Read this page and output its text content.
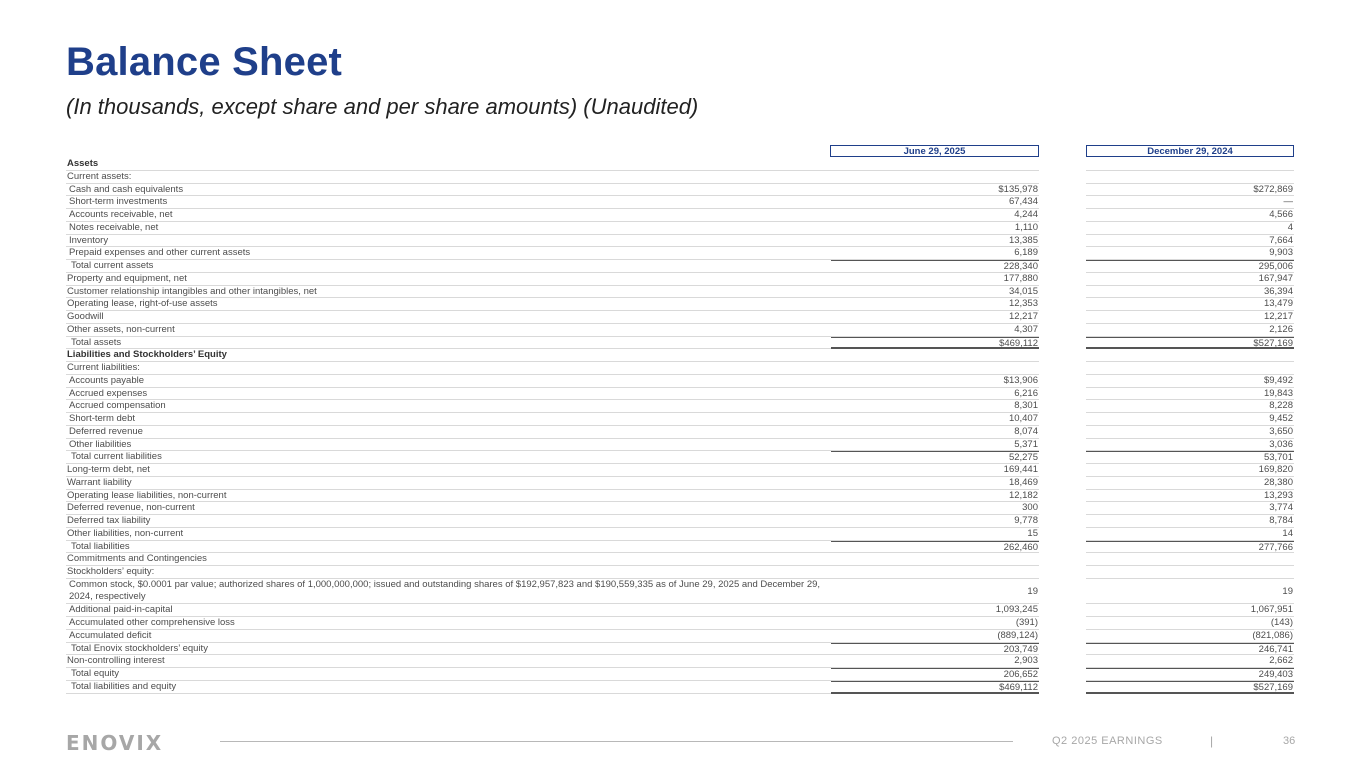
Balance Sheet

(In thousands, except share and per share amounts) (Unaudited)

June 29, 2025	December 29, 2024
Assets
Current assets:
Cash and cash equivalents	$135,978	$272,869
Short-term investments	67,434	—
Accounts receivable, net	4,244	4,566
Notes receivable, net	1,110	4
Inventory	13,385	7,664
Prepaid expenses and other current assets	6,189	9,903
Total current assets	228,340	295,006
Property and equipment, net	177,880	167,947
Customer relationship intangibles and other intangibles, net	34,015	36,394
Operating lease, right-of-use assets	12,353	13,479
Goodwill	12,217	12,217
Other assets, non-current	4,307	2,126
Total assets	$469,112	$527,169
Liabilities and Stockholders’ Equity
Current liabilities:
Accounts payable	$13,906	$9,492
Accrued expenses	6,216	19,843
Accrued compensation	8,301	8,228
Short-term debt	10,407	9,452
Deferred revenue	8,074	3,650
Other liabilities	5,371	3,036
Total current liabilities	52,275	53,701
Long-term debt, net	169,441	169,820
Warrant liability	18,469	28,380
Operating lease liabilities, non-current	12,182	13,293
Deferred revenue, non-current	300	3,774
Deferred tax liability	9,778	8,784
Other liabilities, non-current	15	14
Total liabilities	262,460	277,766
Commitments and Contingencies
Stockholders’ equity:
Common stock, $0.0001 par value; authorized shares of 1,000,000,000; issued and outstanding shares of $192,957,823 and $190,559,335 as of June 29, 2025 and December 29, 2024, respectively	19	19
Additional paid-in-capital	1,093,245	1,067,951
Accumulated other comprehensive loss	(391)	(143)
Accumulated deficit	(889,124)	(821,086)
Total Enovix stockholders’ equity	203,749	246,741
Non-controlling interest	2,903	2,662
Total equity	206,652	249,403
Total liabilities and equity	$469,112	$527,169
ENOVIX	Q2 2025 EARNINGS	|	36
